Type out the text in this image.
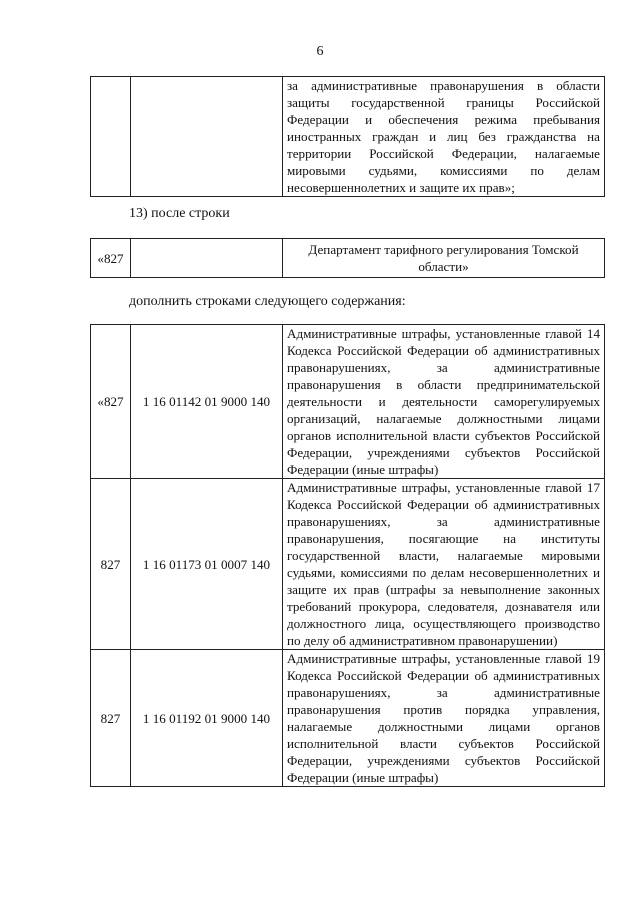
6
		за административные правонарушения в области защиты государственной границы Российской Федерации и обеспечения режима пребывания иностранных граждан и лиц без гражданства на территории Российской Федерации, налагаемые мировыми судьями, комиссиями по делам несовершеннолетних и защите их прав»;
13) после строки
«827		Департамент тарифного регулирования Томской области»
дополнить строками следующего содержания:
«827	1 16 01142 01 9000 140	Административные штрафы, установленные главой 14 Кодекса Российской Федерации об административных правонарушениях, за административные правонарушения в области предпринимательской деятельности и деятельности саморегулируемых организаций, налагаемые должностными лицами органов исполнительной власти субъектов Российской Федерации, учреждениями субъектов Российской Федерации (иные штрафы)
827	1 16 01173 01 0007 140	Административные штрафы, установленные главой 17 Кодекса Российской Федерации об административных правонарушениях, за административные правонарушения, посягающие на институты государственной власти, налагаемые мировыми судьями, комиссиями по делам несовершеннолетних и защите их прав (штрафы за невыполнение законных требований прокурора, следователя, дознавателя или должностного лица, осуществляющего производство по делу об административном правонарушении)
827	1 16 01192 01 9000 140	Административные штрафы, установленные главой 19 Кодекса Российской Федерации об административных правонарушениях, за административные правонарушения против порядка управления, налагаемые должностными лицами органов исполнительной власти субъектов Российской Федерации, учреждениями субъектов Российской Федерации (иные штрафы)
